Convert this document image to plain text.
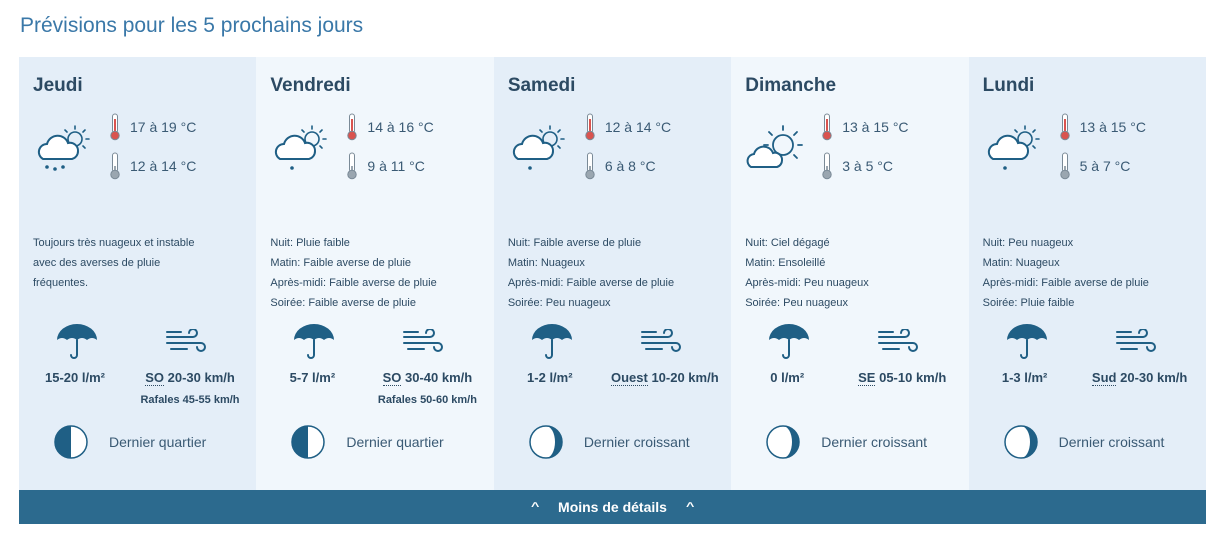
Prévisions pour les 5 prochains jours
Jeudi
17 à 19 °C
12 à 14 °C
Toujours très nuageux et instable
avec des averses de pluie
fréquentes.
15-20 l/m²	SO 20-30 km/h
Rafales 45-55 km/h
Dernier quartier
Vendredi
14 à 16 °C
9 à 11 °C
Nuit: Pluie faible
Matin: Faible averse de pluie
Après-midi: Faible averse de pluie
Soirée: Faible averse de pluie
5-7 l/m²	SO 30-40 km/h
Rafales 50-60 km/h
Dernier quartier
Samedi
12 à 14 °C
6 à 8 °C
Nuit: Faible averse de pluie
Matin: Nuageux
Après-midi: Faible averse de pluie
Soirée: Peu nuageux
1-2 l/m²	Ouest 10-20 km/h
Dernier croissant
Dimanche
13 à 15 °C
3 à 5 °C
Nuit: Ciel dégagé
Matin: Ensoleillé
Après-midi: Peu nuageux
Soirée: Peu nuageux
0 l/m²	SE 05-10 km/h
Dernier croissant
Lundi
13 à 15 °C
5 à 7 °C
Nuit: Peu nuageux
Matin: Nuageux
Après-midi: Faible averse de pluie
Soirée: Pluie faible
1-3 l/m²	Sud 20-30 km/h
Dernier croissant
^ Moins de détails ^
